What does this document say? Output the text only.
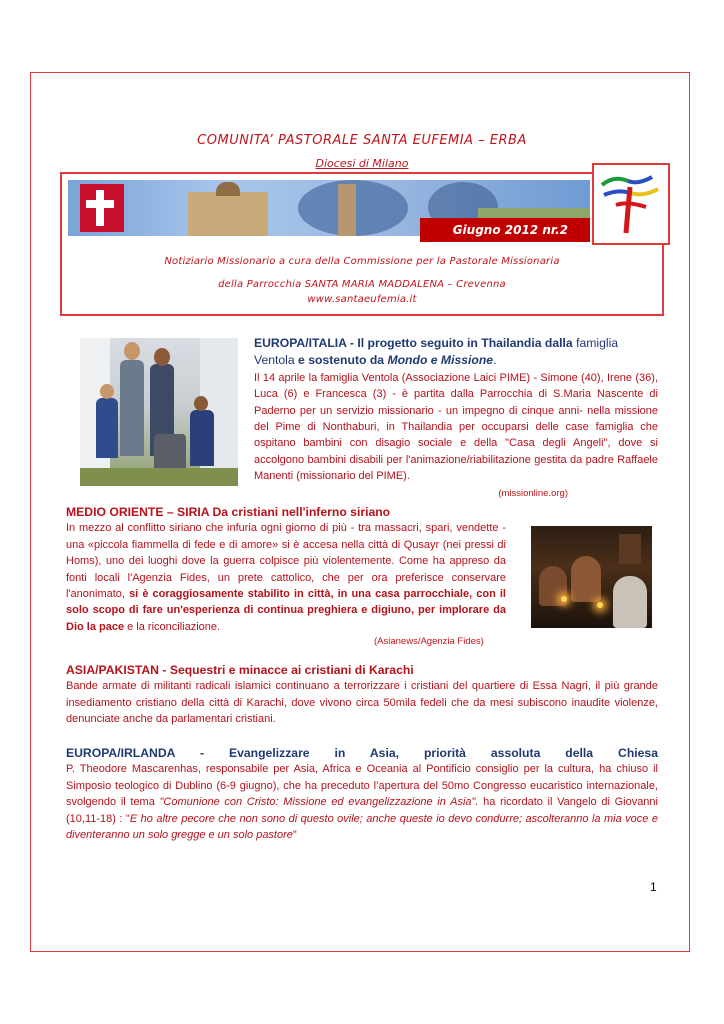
COMUNITA’ PASTORALE SANTA EUFEMIA – ERBA
Diocesi di Milano
Giugno 2012 nr.2
Notiziario Missionario a cura della Commissione per la Pastorale Missionaria
della Parrocchia SANTA MARIA MADDALENA – Crevenna
www.santaeufemia.it

EUROPA/ITALIA - Il progetto seguito in Thailandia dalla famiglia

Ventola e sostenuto da Mondo e Missione.

Il 14 aprile la famiglia Ventola (Associazione Laici PIME) - Simone (40), Irene (36), Luca (6) e Francesca (3) - è partita dalla Parrocchia di S.Maria Nascente di Paderno per un servizio missionario - un impegno di cinque anni- nella missione del Pime di Nonthaburi, in Thailandia per occuparsi delle case famiglia che ospitano bambini con disagio sociale e della "Casa degli Angeli", dove si accolgono bambini disabili per l'animazione/riabilitazione gestita da padre Raffaele Manenti (missionario del PIME).

(missionline.org)

MEDIO ORIENTE – SIRIA Da cristiani nell'inferno siriano

In mezzo al conflitto siriano che infuria ogni giorno di più - tra massacri, spari, vendette - una «piccola fiammella di fede e di amore» si è accesa nella città di Qusayr (nei pressi di Homs), uno dei luoghi dove la guerra colpisce più violentemente. Come ha appreso da fonti locali l'Agenzia Fides, un prete cattolico, che per ora preferisce conservare l'anonimato, si è coraggiosamente stabilito in città, in una casa parrocchiale, con il solo scopo di fare un'esperienza di continua preghiera e digiuno, per implorare da Dio la pace e la riconciliazione.

(Asianews/Agenzia Fides)

ASIA/PAKISTAN - Sequestri e minacce ai cristiani di Karachi

Bande armate di militanti radicali islamici continuano a terrorizzare i cristiani del quartiere di Essa Nagri, il più grande insediamento cristiano della città di Karachi, dove vivono circa 50mila fedeli che da mesi subiscono inaudite violenze, denunciate anche da parlamentari cristiani.

EUROPA/IRLANDA - Evangelizzare in Asia, priorità assoluta della Chiesa

P. Theodore Mascarenhas, responsabile per Asia, Africa e Oceania al Pontificio consiglio per la cultura, ha chiuso il Simposio teologico di Dublino (6-9 giugno), che ha preceduto l’apertura del 50mo Congresso eucaristico internazionale, svolgendo il tema "Comunione con Cristo: Missione ed evangelizzazione in Asia". ha ricordato il Vangelo di Giovanni (10,11-18) : "E ho altre pecore che non sono di questo ovile; anche queste io devo condurre; ascolteranno la mia voce e diventeranno un solo gregge e un solo pastore"

1
